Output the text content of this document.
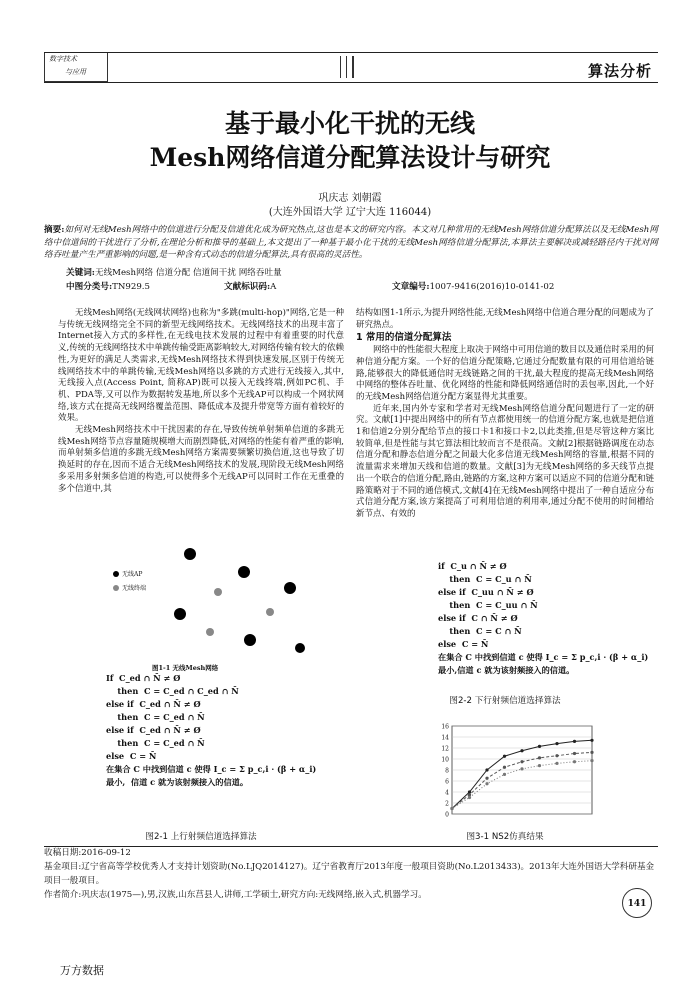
数字技术
与应用	算法分析
基于最小化干扰的无线
Mesh网络信道分配算法设计与研究
巩庆志 刘朝霞
(大连外国语大学 辽宁大连 116044)
摘要:如何对无线Mesh网络中的信道进行分配及信道优化成为研究热点,这也是本文的研究内容。本文对几种常用的无线Mesh网络信道分配算法以及无线Mesh网络中信道间的干扰进行了分析,在理论分析和推导的基础上,本文提出了一种基于最小化干扰的无线Mesh网络信道分配算法,本算法主要解决或减轻路径内干扰对网络吞吐量产生严重影响的问题,是一种含有式动态的信道分配算法,具有很高的灵活性。
关键词:无线Mesh网络 信道分配 信道间干扰 网络吞吐量
中图分类号:TN929.5	文献标识码:A	文章编号:1007-9416(2016)10-0141-02

无线Mesh网络(无线网状网络)也称为"多跳(multi-hop)"网络,它是一种与传统无线网络完全不同的新型无线网络技术。无线网络技术的出现丰富了Internet接入方式的多样性,在无线电技术发展的过程中有着重要的时代意义,传统的无线网络技术中单跳传输受距离影响较大,对网络传输有较大的依赖性,为更好的满足人类需求,无线Mesh网络技术得到快速发展,区别于传统无线网络技术中的单跳传输,无线Mesh网络以多跳的方式进行无线接入,其中,无线接入点(Access Point, 简称AP)既可以接入无线终端,例如PC机、手机、PDA等,又可以作为数据转发基地,所以多个无线AP可以构成一个网状网络,该方式在提高无线网络覆盖范围、降低成本及提升带宽等方面有着较好的效果。

无线Mesh网络技术中干扰因素的存在,导致传统单射频单信道的多跳无线Mesh网络节点容量随规模增大而剧烈降低,对网络的性能有着严重的影响,而单射频多信道的多跳无线Mesh网络方案需要频繁切换信道,这也导致了切换延时的存在,因而不适合无线Mesh网络技术的发展,现阶段无线Mesh网络多采用多射频多信道的构造,可以使得多个无线AP可以同时工作在无重叠的多个信道中,其

结构如图1-1所示,为提升网络性能,无线Mesh网络中信道合理分配的问题成为了研究热点。

1 常用的信道分配算法

网络中的性能很大程度上取决于网络中可用信道的数目以及通信时采用的何种信道分配方案。一个好的信道分配策略,它通过分配数量有限的可用信道给链路,能够很大的降低通信时无线链路之间的干扰,最大程度的提高无线Mesh网络中网络的整体吞吐量、优化网络的性能和降低网络通信时的丢包率,因此,一个好的无线Mesh网络信道分配方案显得尤其重要。

近年来,国内外专家和学者对无线Mesh网络信道分配问题进行了一定的研究。文献[1]中提出网络中的所有节点都使用统一的信道分配方案,也就是把信道1和信道2分别分配给节点的接口卡1和接口卡2,以此类推,但是尽管这种方案比较简单,但是性能与其它算法相比较而言不是很高。文献[2]根据链路调度在动态信道分配和静态信道分配之间最大化多信道无线Mesh网络的容量,根据不同的流量需求来增加天线和信道的数量。文献[3]为无线Mesh网络的多天线节点提出一个联合的信道分配,路由,链路的方案,这种方案可以适应不同的信道分配和链路策略对于不同的通信模式,文献[4]在无线Mesh网络中提出了一种自适应分布式信道分配方案,该方案提高了可利用信道的利用率,通过分配不使用的时间槽给新节点、有效的

无线AP
无线终端
图1-1 无线Mesh网络
If  C_ed ∩ N̄ ≠ Ø
then  C = C_ed ∩ C_ed ∩ N̄
else if  C_ed ∩ N̄ ≠ Ø
then  C = C_ed ∩ N̄
else if  C_ed ∩ N̄ ≠ Ø
then  C = C_ed ∩ N̄
else  C = N̄
在集合 C 中找到信道 c 使得 I_c = Σ p_c,i · (β + α_i)
最小,  信道 c 就为该射频接入的信道。
图2-1 上行射频信道选择算法
if  C_u ∩ N̄ ≠ Ø
then  C = C_u ∩ N̄
else if  C_uu ∩ N̄ ≠ Ø
then  C = C_uu ∩ N̄
else if  C ∩ N̄ ≠ Ø
then  C = C ∩ N̄
else  C = N̄
在集合 C 中找到信道 c 使得 I_c = Σ p_c,i · (β + α_i)
最小,信道 c 就为该射频接入的信道。
图2-2 下行射频信道选择算法
16
14
12
10
8
6
4
2
0
图3-1 NS2仿真结果
收稿日期:2016-09-12
基金项目:辽宁省高等学校优秀人才支持计划资助(No.LJQ2014127)。辽宁省教育厅2013年度一般项目资助(No.L2013433)。2013年大连外国语大学科研基金项目一般项目。
作者简介:巩庆志(1975—),男,汉族,山东莒县人,讲师,工学硕士,研究方向:无线网络,嵌入式,机器学习。
141
万方数据
